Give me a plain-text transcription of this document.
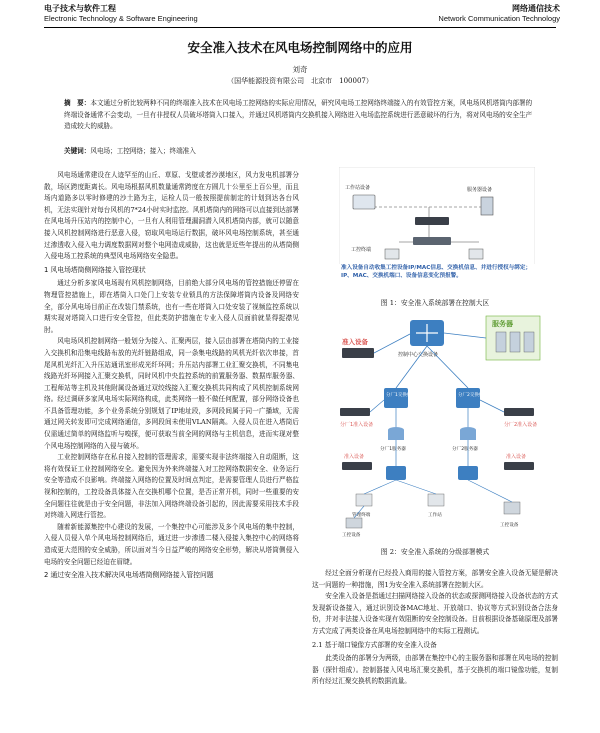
电子技术与软件工程
Electronic Technology & Software Engineering
网络通信技术
Network Communication Technology
安全准入技术在风电场控制网络中的应用
刘奇
（国华能源投资有限公司　北京市　100007）
摘　要：本文通过分析比较两种不同的终端准入技术在风电场工控网络的实际应用情况，研究风电场工控网络终端接入的有效管控方案，风电场风机塔筒内部署的终端设备通常不会变动，一旦有非授权人员破坏塔筒入口接入，并通过风机塔筒内交换机接入网络进入电场监控系统进行恶意破坏的行为，将对风电场的安全生产造成较大的威胁。
关键词：风电场；工控网络；接入；终端准入

风电场通常建设在人迹罕至的山丘、草原、戈壁或者沙漠地区，风力发电机部署分散，场区跨度距离长。风电场根据风机数量通常跨度在方圆几十公里至上百公里，而且场内道路多以零时修建的沙土路为主，运检人员一般按照提前制定的计划到达各台风机，无法实现针对每台风机的7*24小时实时监控。风机塔筒内的网络可以直接到达部署在风电场升压站内的控制中心，一旦有人利用管理漏洞潜入风机塔筒内部，就可以随意接入风机控制网络进行恶意入侵，窃取风电场运行数据，破坏风电场控制系统，甚至通过渗透收入侵入电力调度数据网对整个电网造成威胁，这也就是近些年提出的从塔筒侧入侵电场工控系统的典型风电场网络安全隐患。

1 风电场塔筒侧网络接入管控现状

通过分析多家风电场现有风机控制网络，目前绝大部分风电场的管控措施还停留在物理管控措施上，即在塔筒入口处门上安装专业锁具的方法保障塔筒内设备及网络安全，部分风电场目前正在改装门禁系统，也有一些在塔筒入口处安装了视频监控系统以期实现对塔筒入口进行安全管控，但此类防护措施在专业入侵人员面前就显得捉襟见肘。

风电场风机控制网络一般划分为接入、汇聚两层，接入层由部署在塔筒内的工业接入交换机和沿集电线路布放的光纤链路组成，同一条集电线路的风机光纤依次串接，首尾风机光纤汇入升压站通讯室形成光纤环网；升压站内部署工业汇聚交换机，不同集电线路光纤环网接入汇聚交换机，同时风机中央监控系统的前置服务器、数据库服务器、工程师站等主机及其他附属设备通过双绞线接入汇聚交换机共同构成了风机控制系统网络。经过调研多家风电场实际网络构成，此类网络一般不做任何配置，部分网络设备也不具备管理功能，多个业务系统分别规划了IP地址段，多网段间属于同一广播域，无需通过网关转发即可完成网络通信，多网段间未使用VLAN隔离。入侵人员在进入塔筒后仅需通过简单的网络监听与嗅探，便可获取当前全网的网络与主机信息，进而实现对整个风电场控制网络的入侵与破坏。

工业控制网络存在私自接入控制的管理需求，需要实现非法终端接入自动阻断，这将有效保证工业控制网络安全。避免因为外来终端接入对工控网络数据安全、业务运行安全等造成不良影响。终端接入网络的位置及时间点判定，是需要管理人员进行严格监视和控制的，工控设备具体接入在交换机哪个位置，是否正常开机，同时一些重要的安全问题往往就是由于安全问题，非法加入网络终端设备引起的，因此需要采用技术手段对终端入网进行管控。

随着新能源集控中心建设的发展，一个集控中心可能涉及多个风电场的集中控制，入侵人员侵入单个风电场控制网络后，通过进一步渗透二楼入侵接入集控中心的网络将造成更大范围的安全威胁，所以面对当今日益严峻的网络安全形势，解决从塔筒侧侵入电场的安全问题已经迫在眉睫。

2 通过安全准入技术解决风电场塔筒侧网络接入管控问题
工作站设备	服务器设备
工控终端
准入设备自动收集工控设备IP/MAC信息、交换机信息、并进行授权与绑定；IP、MAC、交换机端口、设备信息变化预报警。
图 1：安全准入系统部署在控制大区
服务器
控制中心交换设备
准入设备
分厂1交换机	分厂2交换机
分厂1准入设备	分厂2准入设备
分厂1服务器	分厂2服务器
准入设备	准入设备
管理终端	工作站
工控设备
工控设备
图 2：安全准入系统的分级部署模式

经过全面分析现有已经投入商用的接入管控方案，部署安全准入设备无疑是解决这一问题的一种措施，图1为安全准入系统部署在控制大区。

安全准入设备是指通过扫描网络接入设备的状态或探测网络接入设备状态的方式发现新设备接入，通过识别设备MAC地址、开放端口、协议等方式识别设备合法身份，并对非法接入设备实现有效阻断的安全控制设备。目前根据设备基础原理及部署方式完成了两类设备在风电场控制网络中的实际工程测试。

2.1 基于端口镜像方式部署的安全准入设备

此类设备的部署分为两级，由部署在集控中心的主服务器和部署在风电场的控制器（探针组成）。控制器接入风电场汇聚交换机，基于交换机的端口镜像功能，复制所有经过汇聚交换机的数据流量。
